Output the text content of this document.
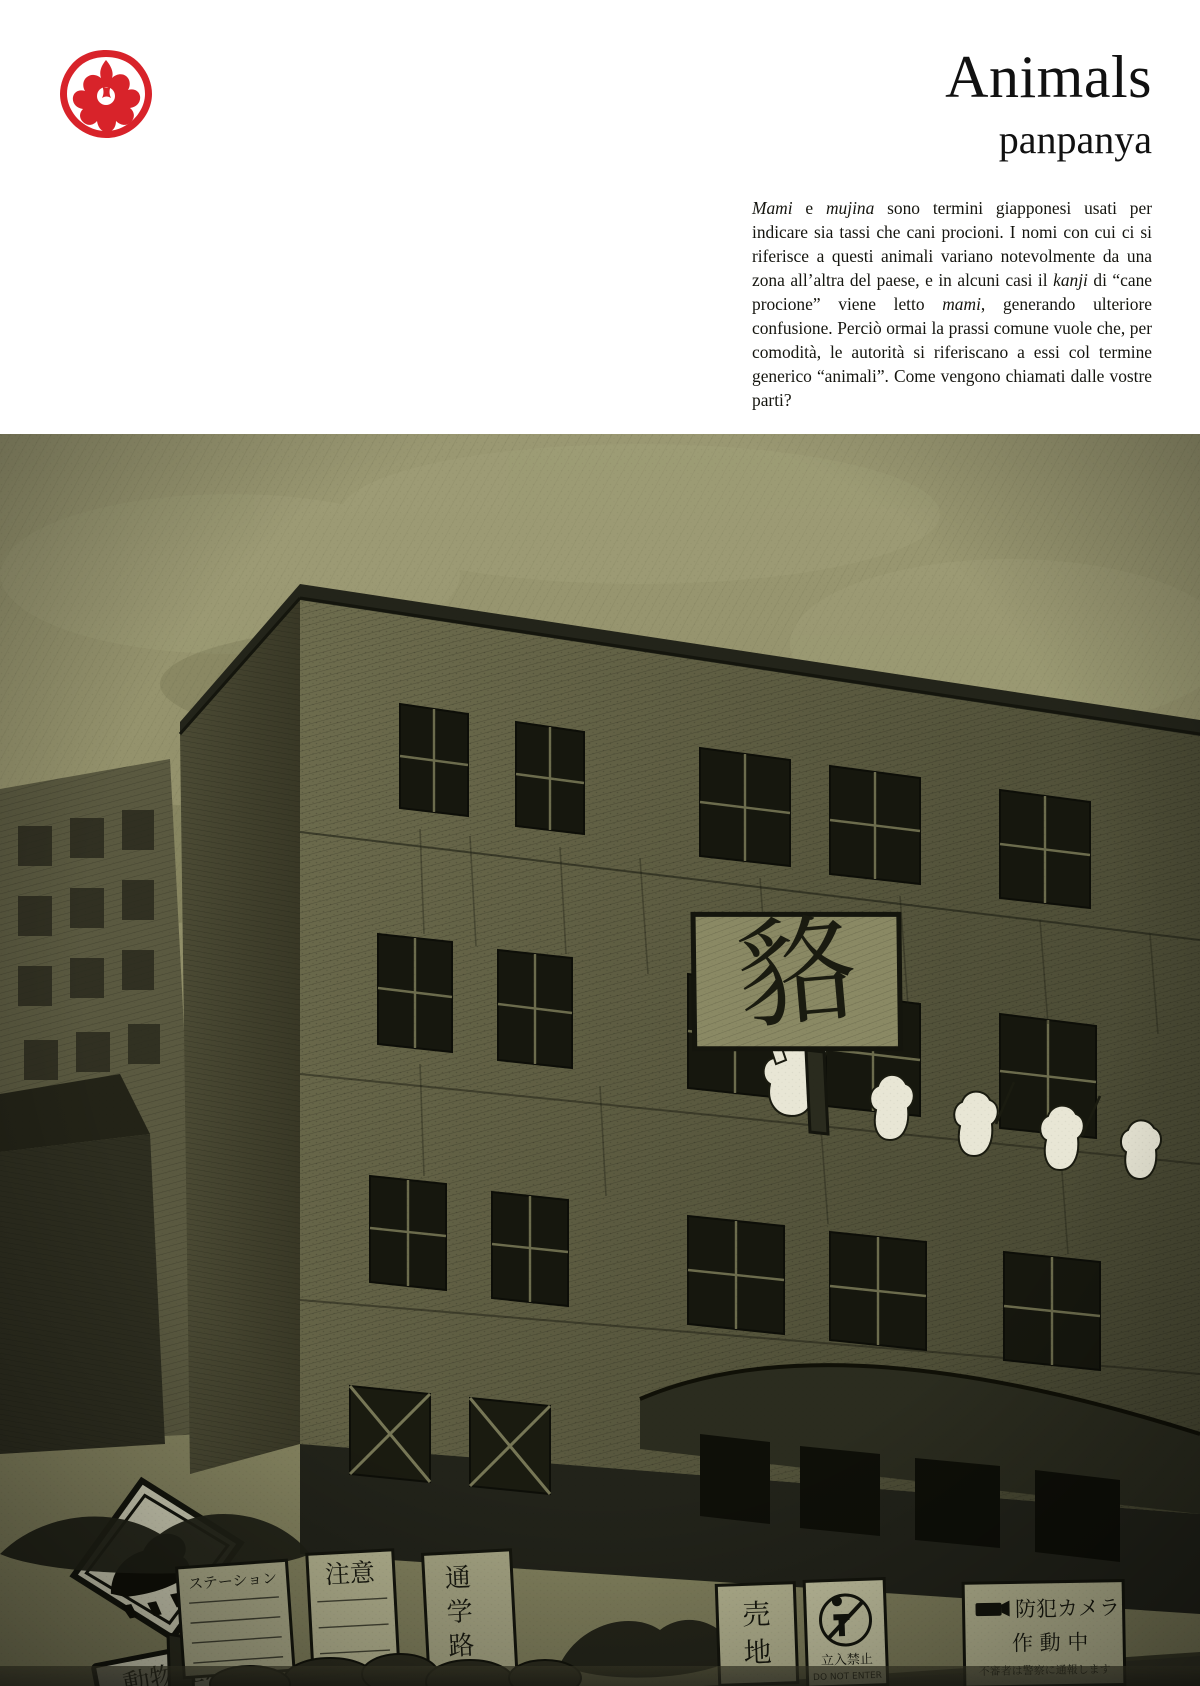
Animals
panpanya
Mami e mujina sono termini giapponesi usati per indicare sia tassi che cani procioni. I nomi con cui ci si riferisce a questi animali variano notevolmente da una zona all’altra del paese, e in alcuni casi il kanji di “cane procione” viene letto mami, generando ulteriore confusione. Perciò ormai la prassi comune vuole che, per comodità, le autorità si riferiscano a essi col termine generico “animali”. Come vengono chiamati dalle vostre parti?
